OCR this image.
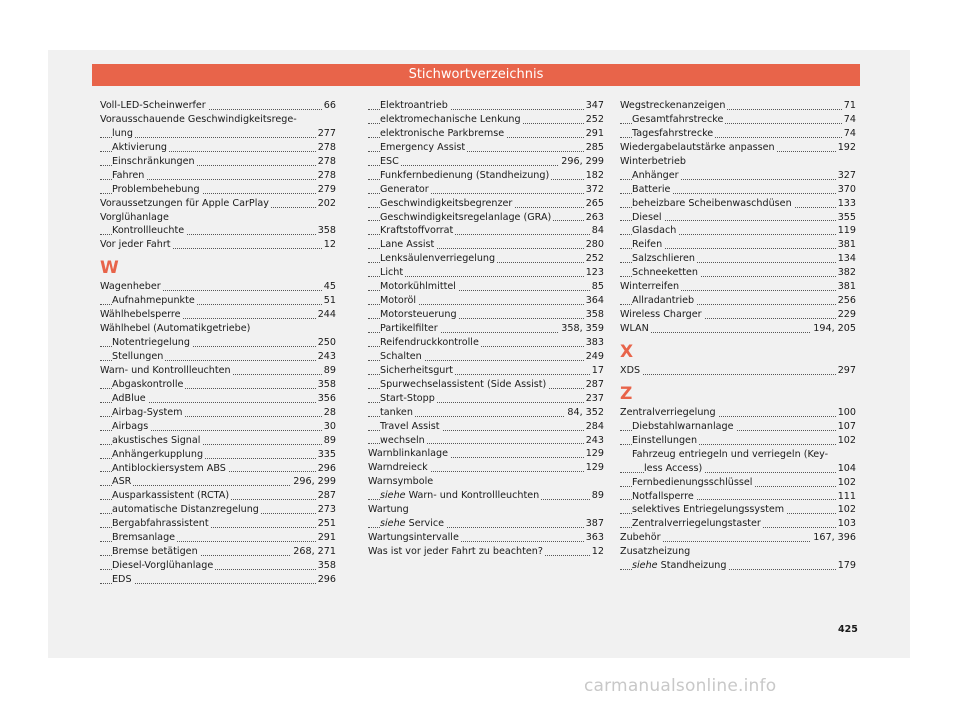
Stichwortverzeichnis
Voll-LED-Scheinwerfer	66
Vorausschauende Geschwindigkeitsrege-
lung	277
Aktivierung	278
Einschränkungen	278
Fahren	278
Problembehebung	279
Voraussetzungen für Apple CarPlay	202
Vorglühanlage
Kontrollleuchte	358
Vor jeder Fahrt	12
W
Wagenheber	45
Aufnahmepunkte	51
Wählhebelsperre	244
Wählhebel (Automatikgetriebe)
Notentriegelung	250
Stellungen	243
Warn- und Kontrollleuchten	89
Abgaskontrolle	358
AdBlue	356
Airbag-System	28
Airbags	30
akustisches Signal	89
Anhängerkupplung	335
Antiblockiersystem ABS	296
ASR	296, 299
Ausparkassistent (RCTA)	287
automatische Distanzregelung	273
Bergabfahrassistent	251
Bremsanlage	291
Bremse betätigen	268, 271
Diesel-Vorglühanlage	358
EDS	296
Elektroantrieb	347
elektromechanische Lenkung	252
elektronische Parkbremse	291
Emergency Assist	285
ESC	296, 299
Funkfernbedienung (Standheizung)	182
Generator	372
Geschwindigkeitsbegrenzer	265
Geschwindigkeitsregelanlage (GRA)	263
Kraftstoffvorrat	84
Lane Assist	280
Lenksäulenverriegelung	252
Licht	123
Motorkühlmittel	85
Motoröl	364
Motorsteuerung	358
Partikelfilter	358, 359
Reifendruckkontrolle	383
Schalten	249
Sicherheitsgurt	17
Spurwechselassistent (Side Assist)	287
Start-Stopp	237
tanken	84, 352
Travel Assist	284
wechseln	243
Warnblinkanlage	129
Warndreieck	129
Warnsymbole
siehe Warn- und Kontrollleuchten	89
Wartung
siehe Service	387
Wartungsintervalle	363
Was ist vor jeder Fahrt zu beachten?	12
Wegstreckenanzeigen	71
Gesamtfahrstrecke	74
Tagesfahrstrecke	74
Wiedergabelautstärke anpassen	192
Winterbetrieb
Anhänger	327
Batterie	370
beheizbare Scheibenwaschdüsen	133
Diesel	355
Glasdach	119
Reifen	381
Salzschlieren	134
Schneeketten	382
Winterreifen	381
Allradantrieb	256
Wireless Charger	229
WLAN	194, 205
X
XDS	297
Z
Zentralverriegelung	100
Diebstahlwarnanlage	107
Einstellungen	102
Fahrzeug entriegeln und verriegeln (Key-
less Access)	104
Fernbedienungsschlüssel	102
Notfallsperre	111
selektives Entriegelungssystem	102
Zentralverriegelungstaster	103
Zubehör	167, 396
Zusatzheizung
siehe Standheizung	179
425
carmanualsonline.info
